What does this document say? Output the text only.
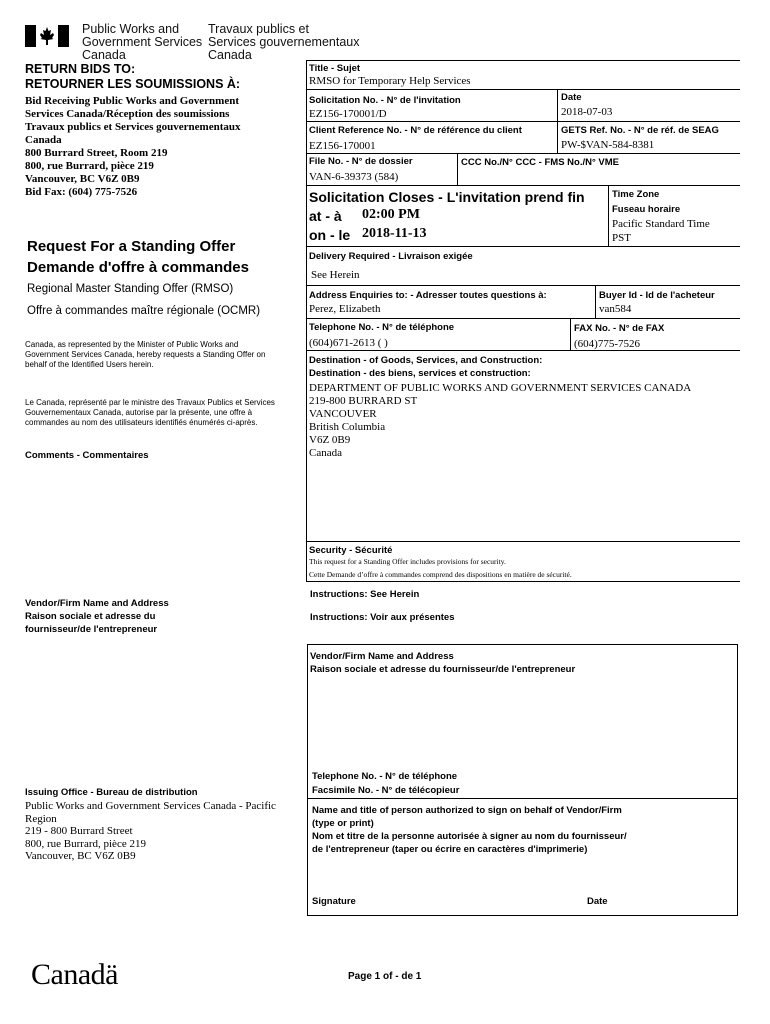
Public Works and
Government Services
Canada
Travaux publics et
Services gouvernementaux
Canada
RETURN BIDS TO:
RETOURNER LES SOUMISSIONS À:
Bid Receiving Public Works and Government
Services Canada/Réception des soumissions
Travaux publics et Services gouvernementaux
Canada
800 Burrard Street, Room 219
800, rue Burrard, pièce 219
Vancouver, BC V6Z 0B9
Bid Fax: (604) 775-7526
Request For a Standing Offer
Demande d'offre à commandes
Regional Master Standing Offer (RMSO)
Offre à commandes maître régionale (OCMR)
Canada, as represented by the Minister of Public Works and Government Services Canada, hereby requests a Standing Offer on behalf of the Identified Users herein.
Le Canada, représenté par le ministre des Travaux Publics et Services Gouvernementaux Canada, autorise par la présente, une offre à commandes au nom des utilisateurs identifiés énumérés ci-après.
Comments - Commentaires
Vendor/Firm Name and Address
Raison sociale et adresse du
fournisseur/de l'entrepreneur
Issuing Office - Bureau de distribution
Public Works and Government Services Canada - Pacific
Region
219 - 800 Burrard Street
800, rue Burrard, pièce 219
Vancouver, BC V6Z 0B9
Title - Sujet
RMSO for Temporary Help Services
Solicitation No. - N° de l'invitation
EZ156-170001/D
Date
2018-07-03
Client Reference No. - N° de référence du client
EZ156-170001
GETS Ref. No. - N° de réf. de SEAG
PW-$VAN-584-8381
File No. - N° de dossier
VAN-6-39373 (584)
CCC No./N° CCC - FMS No./N° VME
Solicitation Closes - L'invitation prend fin
at - à 02:00 PM
on - le 2018-11-13
Time Zone
Fuseau horaire
Pacific Standard Time
PST
Delivery Required - Livraison exigée
See Herein
Address Enquiries to: - Adresser toutes questions à:
Perez, Elizabeth
Buyer Id - Id de l'acheteur
van584
Telephone No. - N° de téléphone
(604)671-2613 ( )
FAX No. - N° de FAX
(604)775-7526
Destination - of Goods, Services, and Construction:
Destination - des biens, services et construction:
DEPARTMENT OF PUBLIC WORKS AND GOVERNMENT SERVICES CANADA
219-800 BURRARD ST
VANCOUVER
British Columbia
V6Z 0B9
Canada
Security - Sécurité
This request for a Standing Offer includes provisions for security.
Cette Demande d’offre à commandes comprend des dispositions en matière de sécurité.
Instructions: See Herein
Instructions: Voir aux présentes
Vendor/Firm Name and Address
Raison sociale et adresse du fournisseur/de l'entrepreneur
Telephone No. - N° de téléphone
Facsimile No. - N° de télécopieur
Name and title of person authorized to sign on behalf of Vendor/Firm
(type or print)
Nom et titre de la personne autorisée à signer au nom du fournisseur/
de l'entrepreneur (taper ou écrire en caractères d'imprimerie)
Signature	Date
Canadä	Page 1 of - de 1
